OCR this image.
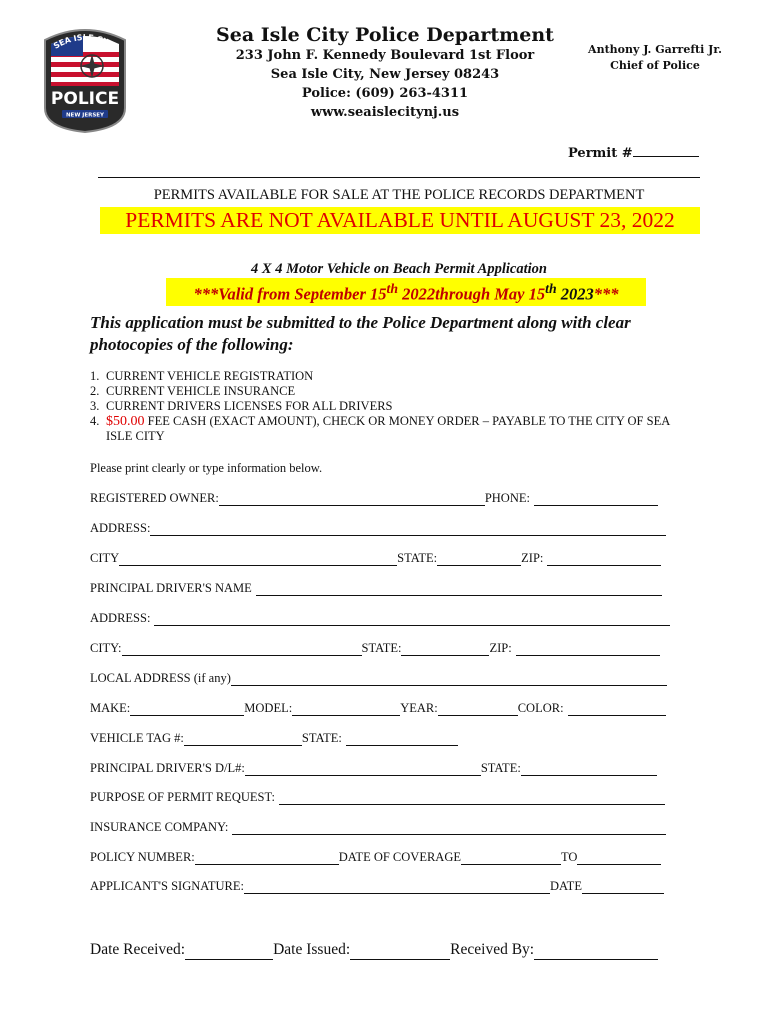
SEA ISLE CITY
POLICE
NEW JERSEY
Sea Isle City Police Department
233 John F. Kennedy Boulevard 1st Floor
Sea Isle City, New Jersey 08243
Police: (609) 263-4311
www.seaislecitynj.us
Anthony J. Garrefti Jr.
Chief of Police
Permit #
PERMITS AVAILABLE FOR SALE AT THE POLICE RECORDS DEPARTMENT
PERMITS ARE NOT AVAILABLE UNTIL AUGUST 23, 2022
4 X 4 Motor Vehicle on Beach Permit Application
***Valid from September 15th 2022through May 15th 2023***
This application must be submitted to the Police Department along with clear photocopies of the following:
1. CURRENT VEHICLE REGISTRATION
2. CURRENT VEHICLE INSURANCE
3. CURRENT DRIVERS LICENSES FOR ALL DRIVERS
4. $50.00 FEE CASH (EXACT AMOUNT), CHECK OR MONEY ORDER – PAYABLE TO THE CITY OF SEA ISLE CITY
Please print clearly or type information below.
REGISTERED OWNER:	PHONE:
ADDRESS:
CITY	STATE:	ZIP:
PRINCIPAL DRIVER'S NAME
ADDRESS:
CITY:	STATE:	ZIP:
LOCAL ADDRESS (if any)
MAKE:	MODEL:	YEAR:	COLOR:
VEHICLE TAG #:	STATE:
PRINCIPAL DRIVER'S D/L#:	STATE:
PURPOSE OF PERMIT REQUEST:
INSURANCE COMPANY:
POLICY NUMBER:	DATE OF COVERAGE	TO
APPLICANT'S SIGNATURE:	DATE
Date Received:	Date Issued:	Received By:
